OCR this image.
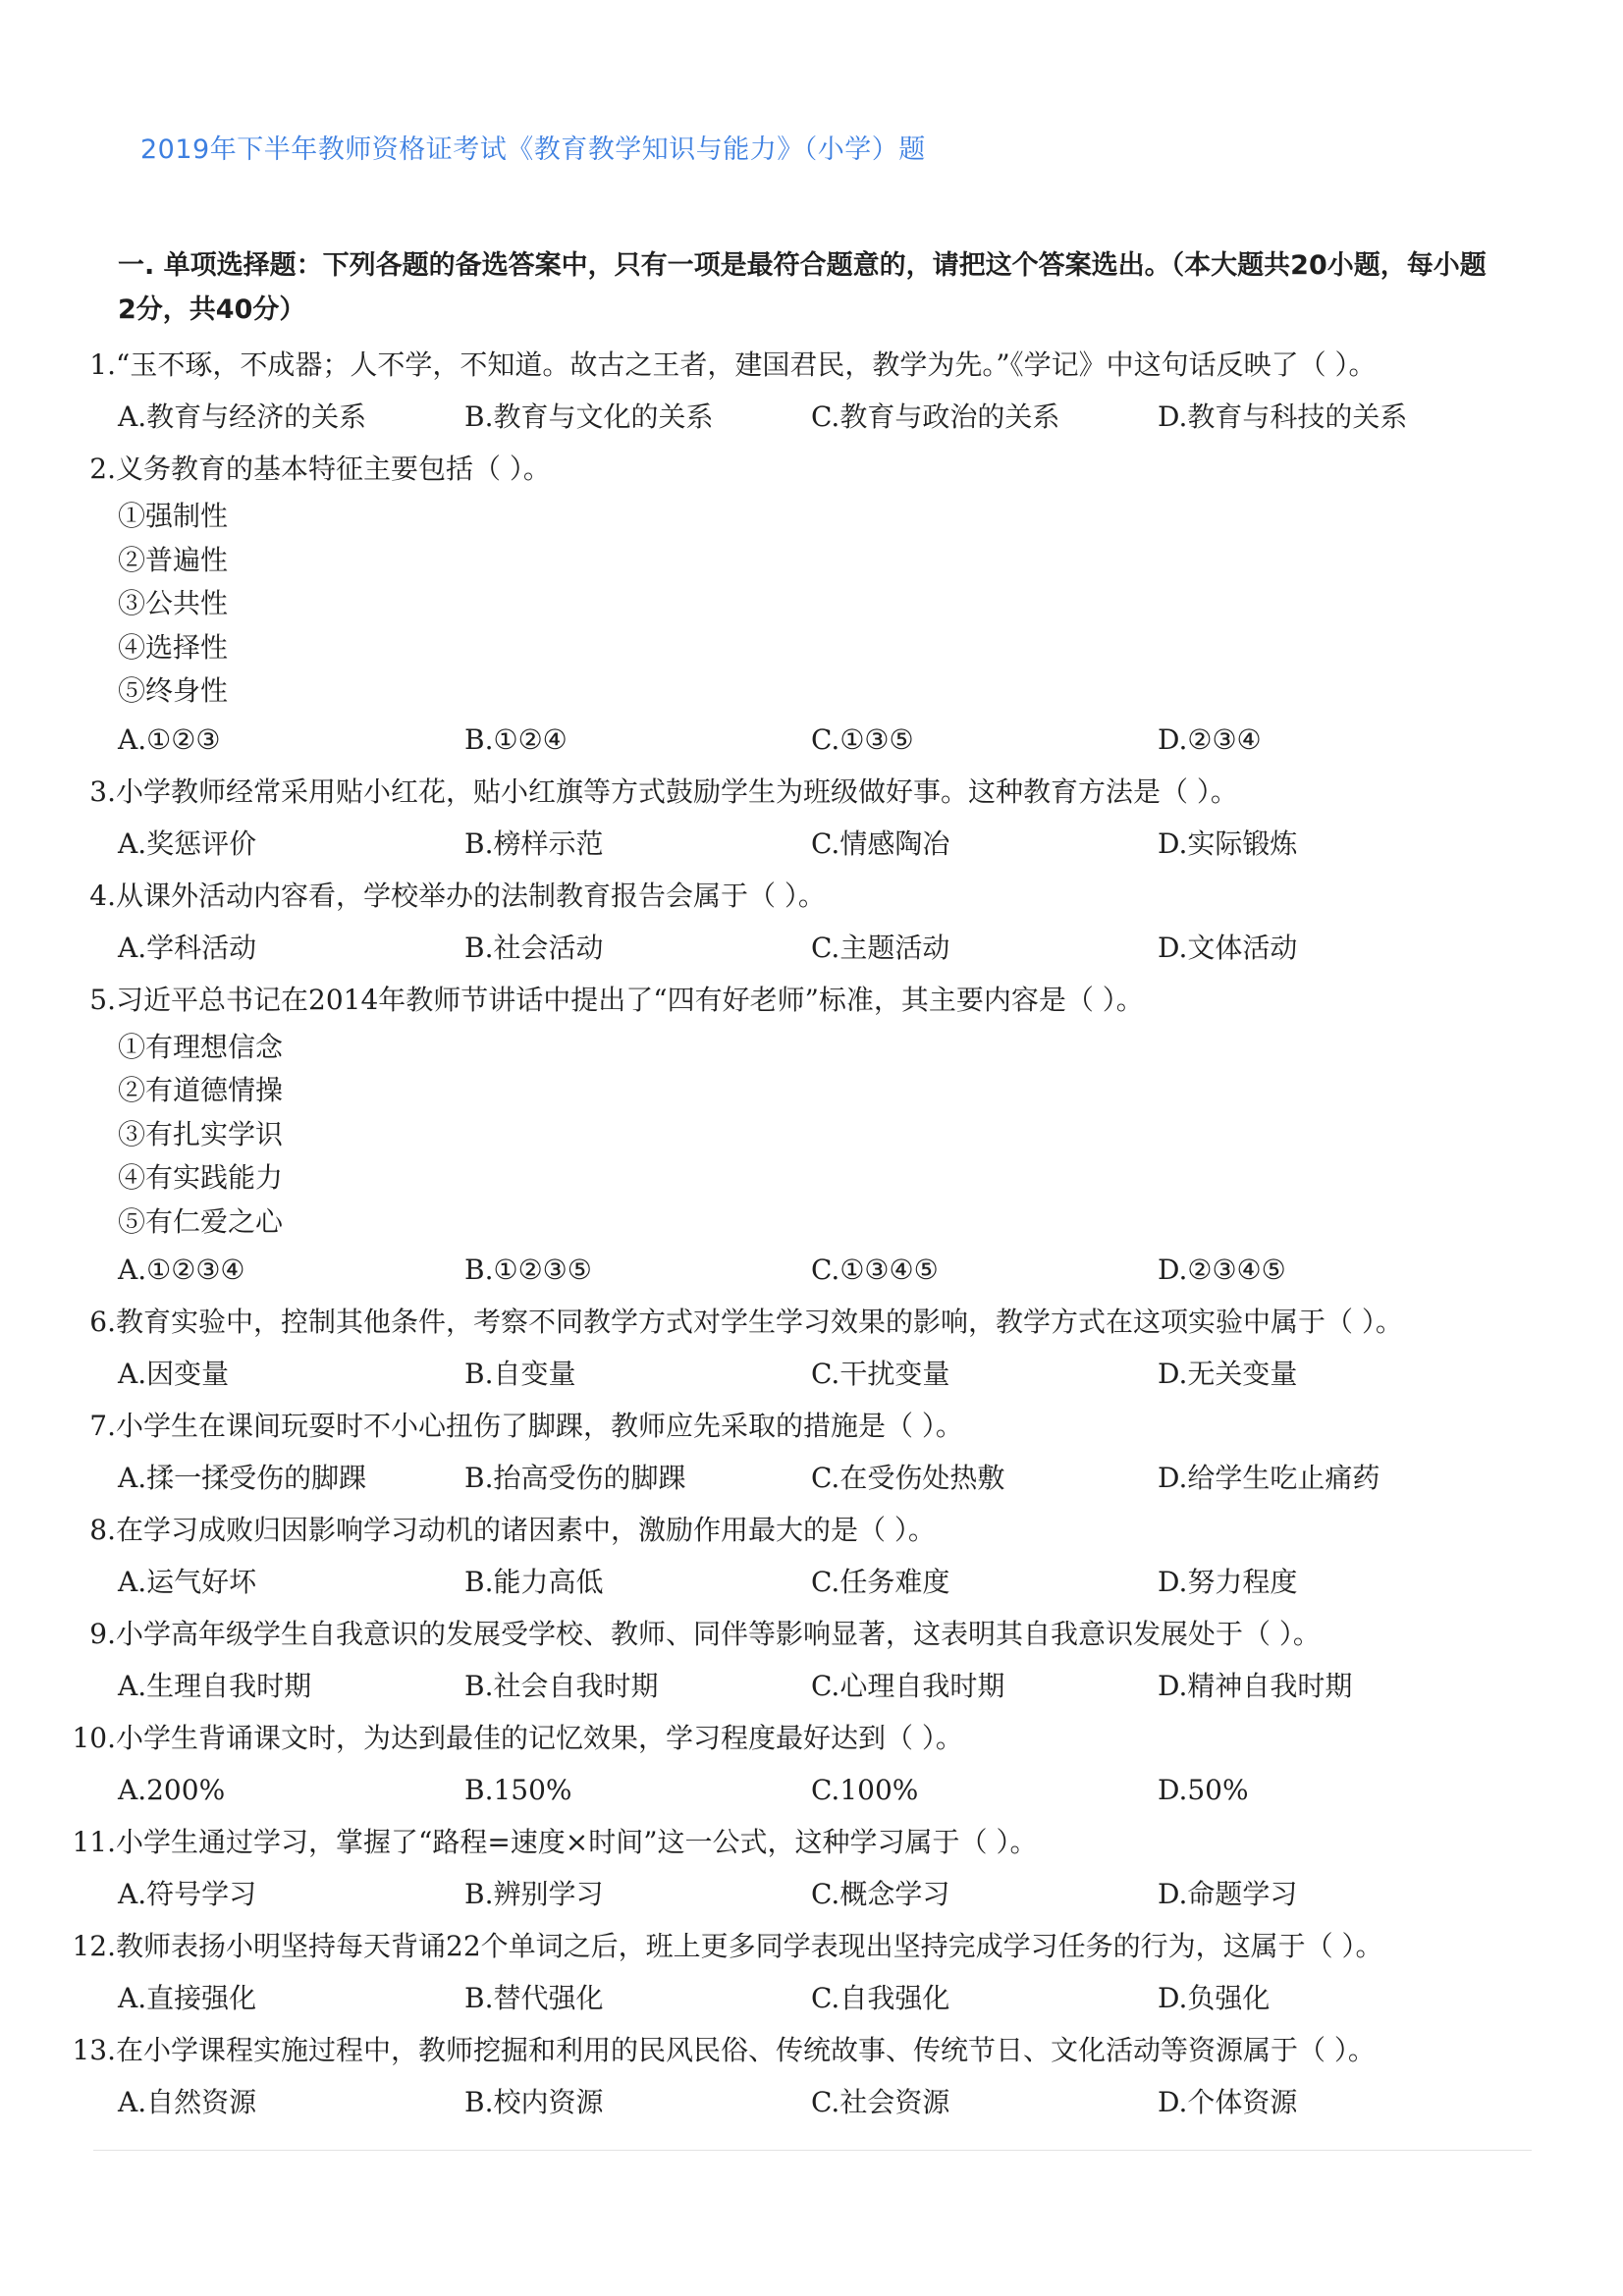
2019年下半年教师资格证考试《教育教学知识与能力》（小学）题
一. 单项选择题：下列各题的备选答案中，只有一项是最符合题意的，请把这个答案选出。（本大题共20小题，每小题2分，共40分）
1. “玉不琢，不成器；人不学，不知道。故古之王者，建国君民，教学为先。”《学记》中这句话反映了（ ）。
A.教育与经济的关系	B.教育与文化的关系	C.教育与政治的关系	D.教育与科技的关系
2. 义务教育的基本特征主要包括（ ）。
①强制性
②普遍性
③公共性
④选择性
⑤终身性
A.①②③	B.①②④	C.①③⑤	D.②③④
3. 小学教师经常采用贴小红花，贴小红旗等方式鼓励学生为班级做好事。这种教育方法是（ ）。
A.奖惩评价	B.榜样示范	C.情感陶冶	D.实际锻炼
4. 从课外活动内容看，学校举办的法制教育报告会属于（ ）。
A.学科活动	B.社会活动	C.主题活动	D.文体活动
5. 习近平总书记在2014年教师节讲话中提出了“四有好老师”标准，其主要内容是（ ）。
①有理想信念
②有道德情操
③有扎实学识
④有实践能力
⑤有仁爱之心
A.①②③④	B.①②③⑤	C.①③④⑤	D.②③④⑤
6. 教育实验中，控制其他条件，考察不同教学方式对学生学习效果的影响，教学方式在这项实验中属于（ ）。
A.因变量	B.自变量	C.干扰变量	D.无关变量
7. 小学生在课间玩耍时不小心扭伤了脚踝，教师应先采取的措施是（ ）。
A.揉一揉受伤的脚踝	B.抬高受伤的脚踝	C.在受伤处热敷	D.给学生吃止痛药
8. 在学习成败归因影响学习动机的诸因素中，激励作用最大的是（ ）。
A.运气好坏	B.能力高低	C.任务难度	D.努力程度
9. 小学高年级学生自我意识的发展受学校、教师、同伴等影响显著，这表明其自我意识发展处于（ ）。
A.生理自我时期	B.社会自我时期	C.心理自我时期	D.精神自我时期
10. 小学生背诵课文时，为达到最佳的记忆效果，学习程度最好达到（ ）。
A.200%	B.150%	C.100%	D.50%
11. 小学生通过学习，掌握了“路程=速度×时间”这一公式，这种学习属于（ ）。
A.符号学习	B.辨别学习	C.概念学习	D.命题学习
12. 教师表扬小明坚持每天背诵22个单词之后，班上更多同学表现出坚持完成学习任务的行为，这属于（ ）。
A.直接强化	B.替代强化	C.自我强化	D.负强化
13. 在小学课程实施过程中，教师挖掘和利用的民风民俗、传统故事、传统节日、文化活动等资源属于（ ）。
A.自然资源	B.校内资源	C.社会资源	D.个体资源
